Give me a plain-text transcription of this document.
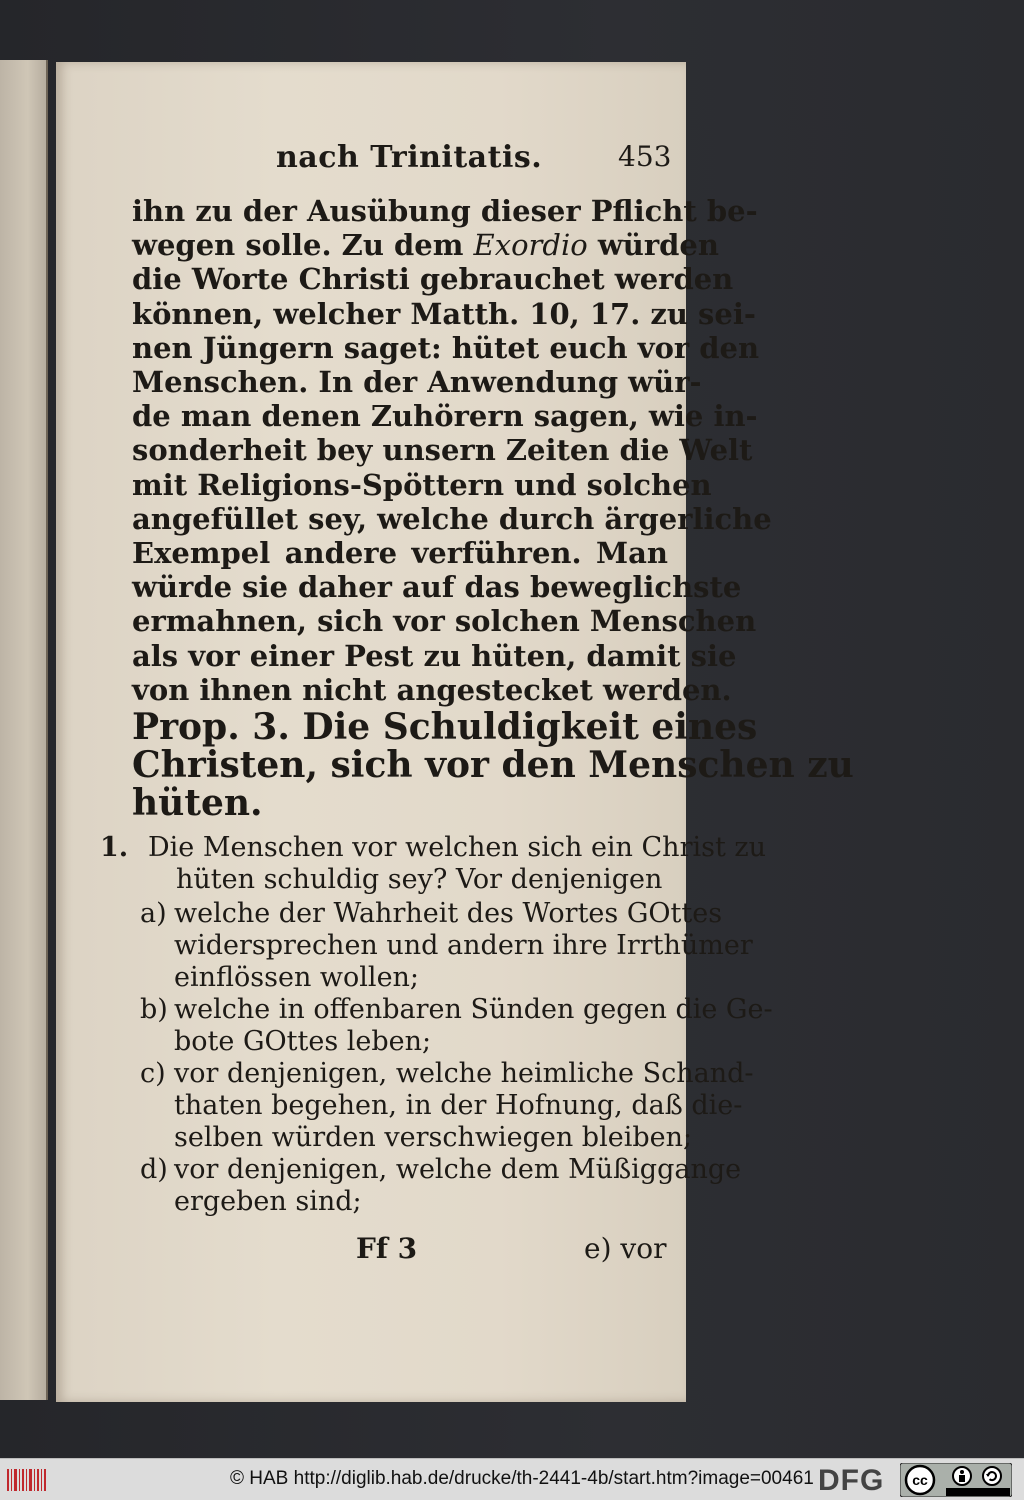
nach Trinitatis.	453
ihn zu der Ausübung dieser Pflicht be-
wegen solle. Zu dem Exordio würden
die Worte Christi gebrauchet werden
können, welcher Matth. 10, 17. zu sei-
nen Jüngern saget: hütet euch vor den
Menschen. In der Anwendung wür-
de man denen Zuhörern sagen, wie in-
sonderheit bey unsern Zeiten die Welt
mit Religions-Spöttern und solchen
angefüllet sey, welche durch ärgerliche
Exempel andere verführen. Man
würde sie daher auf das beweglichste
ermahnen, sich vor solchen Menschen
als vor einer Pest zu hüten, damit sie
von ihnen nicht angestecket werden.
Prop. 3. Die Schuldigkeit eines
Christen, sich vor den Menschen zu
hüten.
1. Die Menschen vor welchen sich ein Christ zu
hüten schuldig sey? Vor denjenigen
a) welche der Wahrheit des Wortes GOttes
widersprechen und andern ihre Irrthümer
einflössen wollen;
b) welche in offenbaren Sünden gegen die Ge-
bote GOttes leben;
c) vor denjenigen, welche heimliche Schand-
thaten begehen, in der Hofnung, daß die-
selben würden verschwiegen bleiben;
d) vor denjenigen, welche dem Müßiggange
ergeben sind;
Ff 3	e) vor
© HAB http://diglib.hab.de/drucke/th-2441-4b/start.htm?image=00461 DFG cc
